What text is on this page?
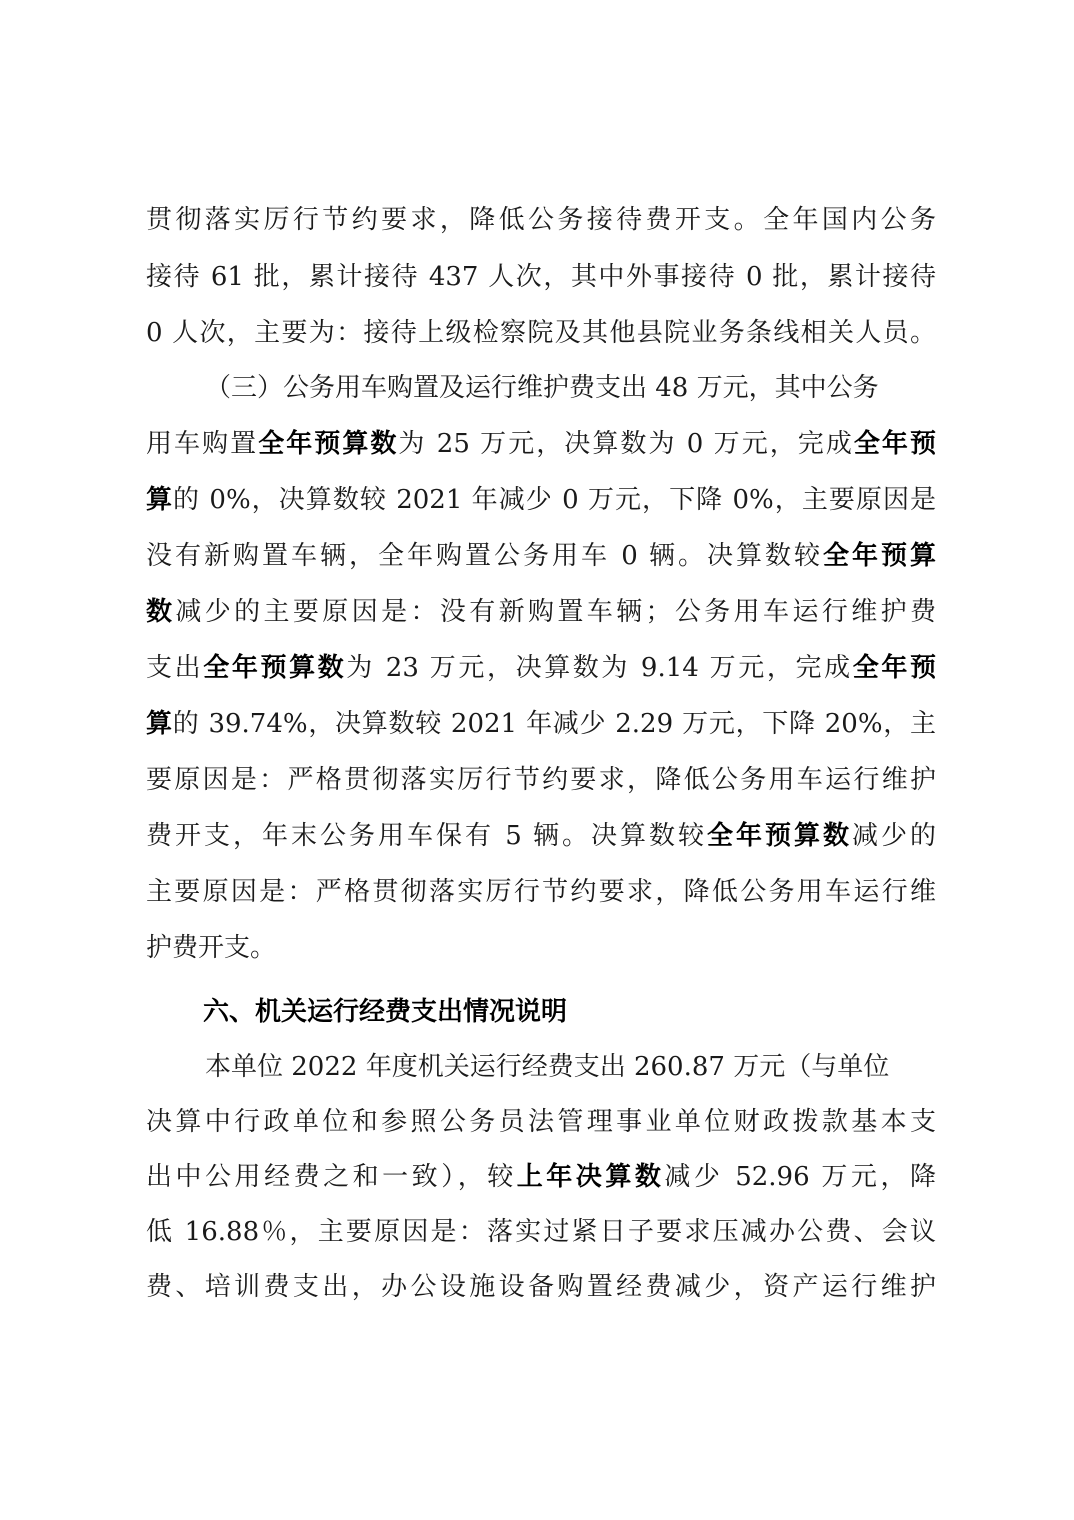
贯彻落实厉行节约要求，降低公务接待费开支。全年国内公务
接待 61 批，累计接待 437 人次，其中外事接待 0 批，累计接待
0 人次，主要为：接待上级检察院及其他县院业务条线相关人员。
（三）公务用车购置及运行维护费支出 48 万元，其中公务
用车购置全年预算数为 25 万元，决算数为 0 万元，完成全年预
算的 0%，决算数较 2021 年减少 0 万元，下降 0%，主要原因是
没有新购置车辆，全年购置公务用车 0 辆。决算数较全年预算
数减少的主要原因是：没有新购置车辆；公务用车运行维护费
支出全年预算数为 23 万元，决算数为 9.14 万元，完成全年预
算的 39.74%，决算数较 2021 年减少 2.29 万元，下降 20%，主
要原因是：严格贯彻落实厉行节约要求，降低公务用车运行维护
费开支，年末公务用车保有 5 辆。决算数较全年预算数减少的
主要原因是：严格贯彻落实厉行节约要求，降低公务用车运行维
护费开支。
六、机关运行经费支出情况说明
本单位 2022 年度机关运行经费支出 260.87 万元（与单位
决算中行政单位和参照公务员法管理事业单位财政拨款基本支
出中公用经费之和一致），较上年决算数减少 52.96 万元，降
低 16.88％，主要原因是：落实过紧日子要求压减办公费、会议
费、培训费支出，办公设施设备购置经费减少，资产运行维护
